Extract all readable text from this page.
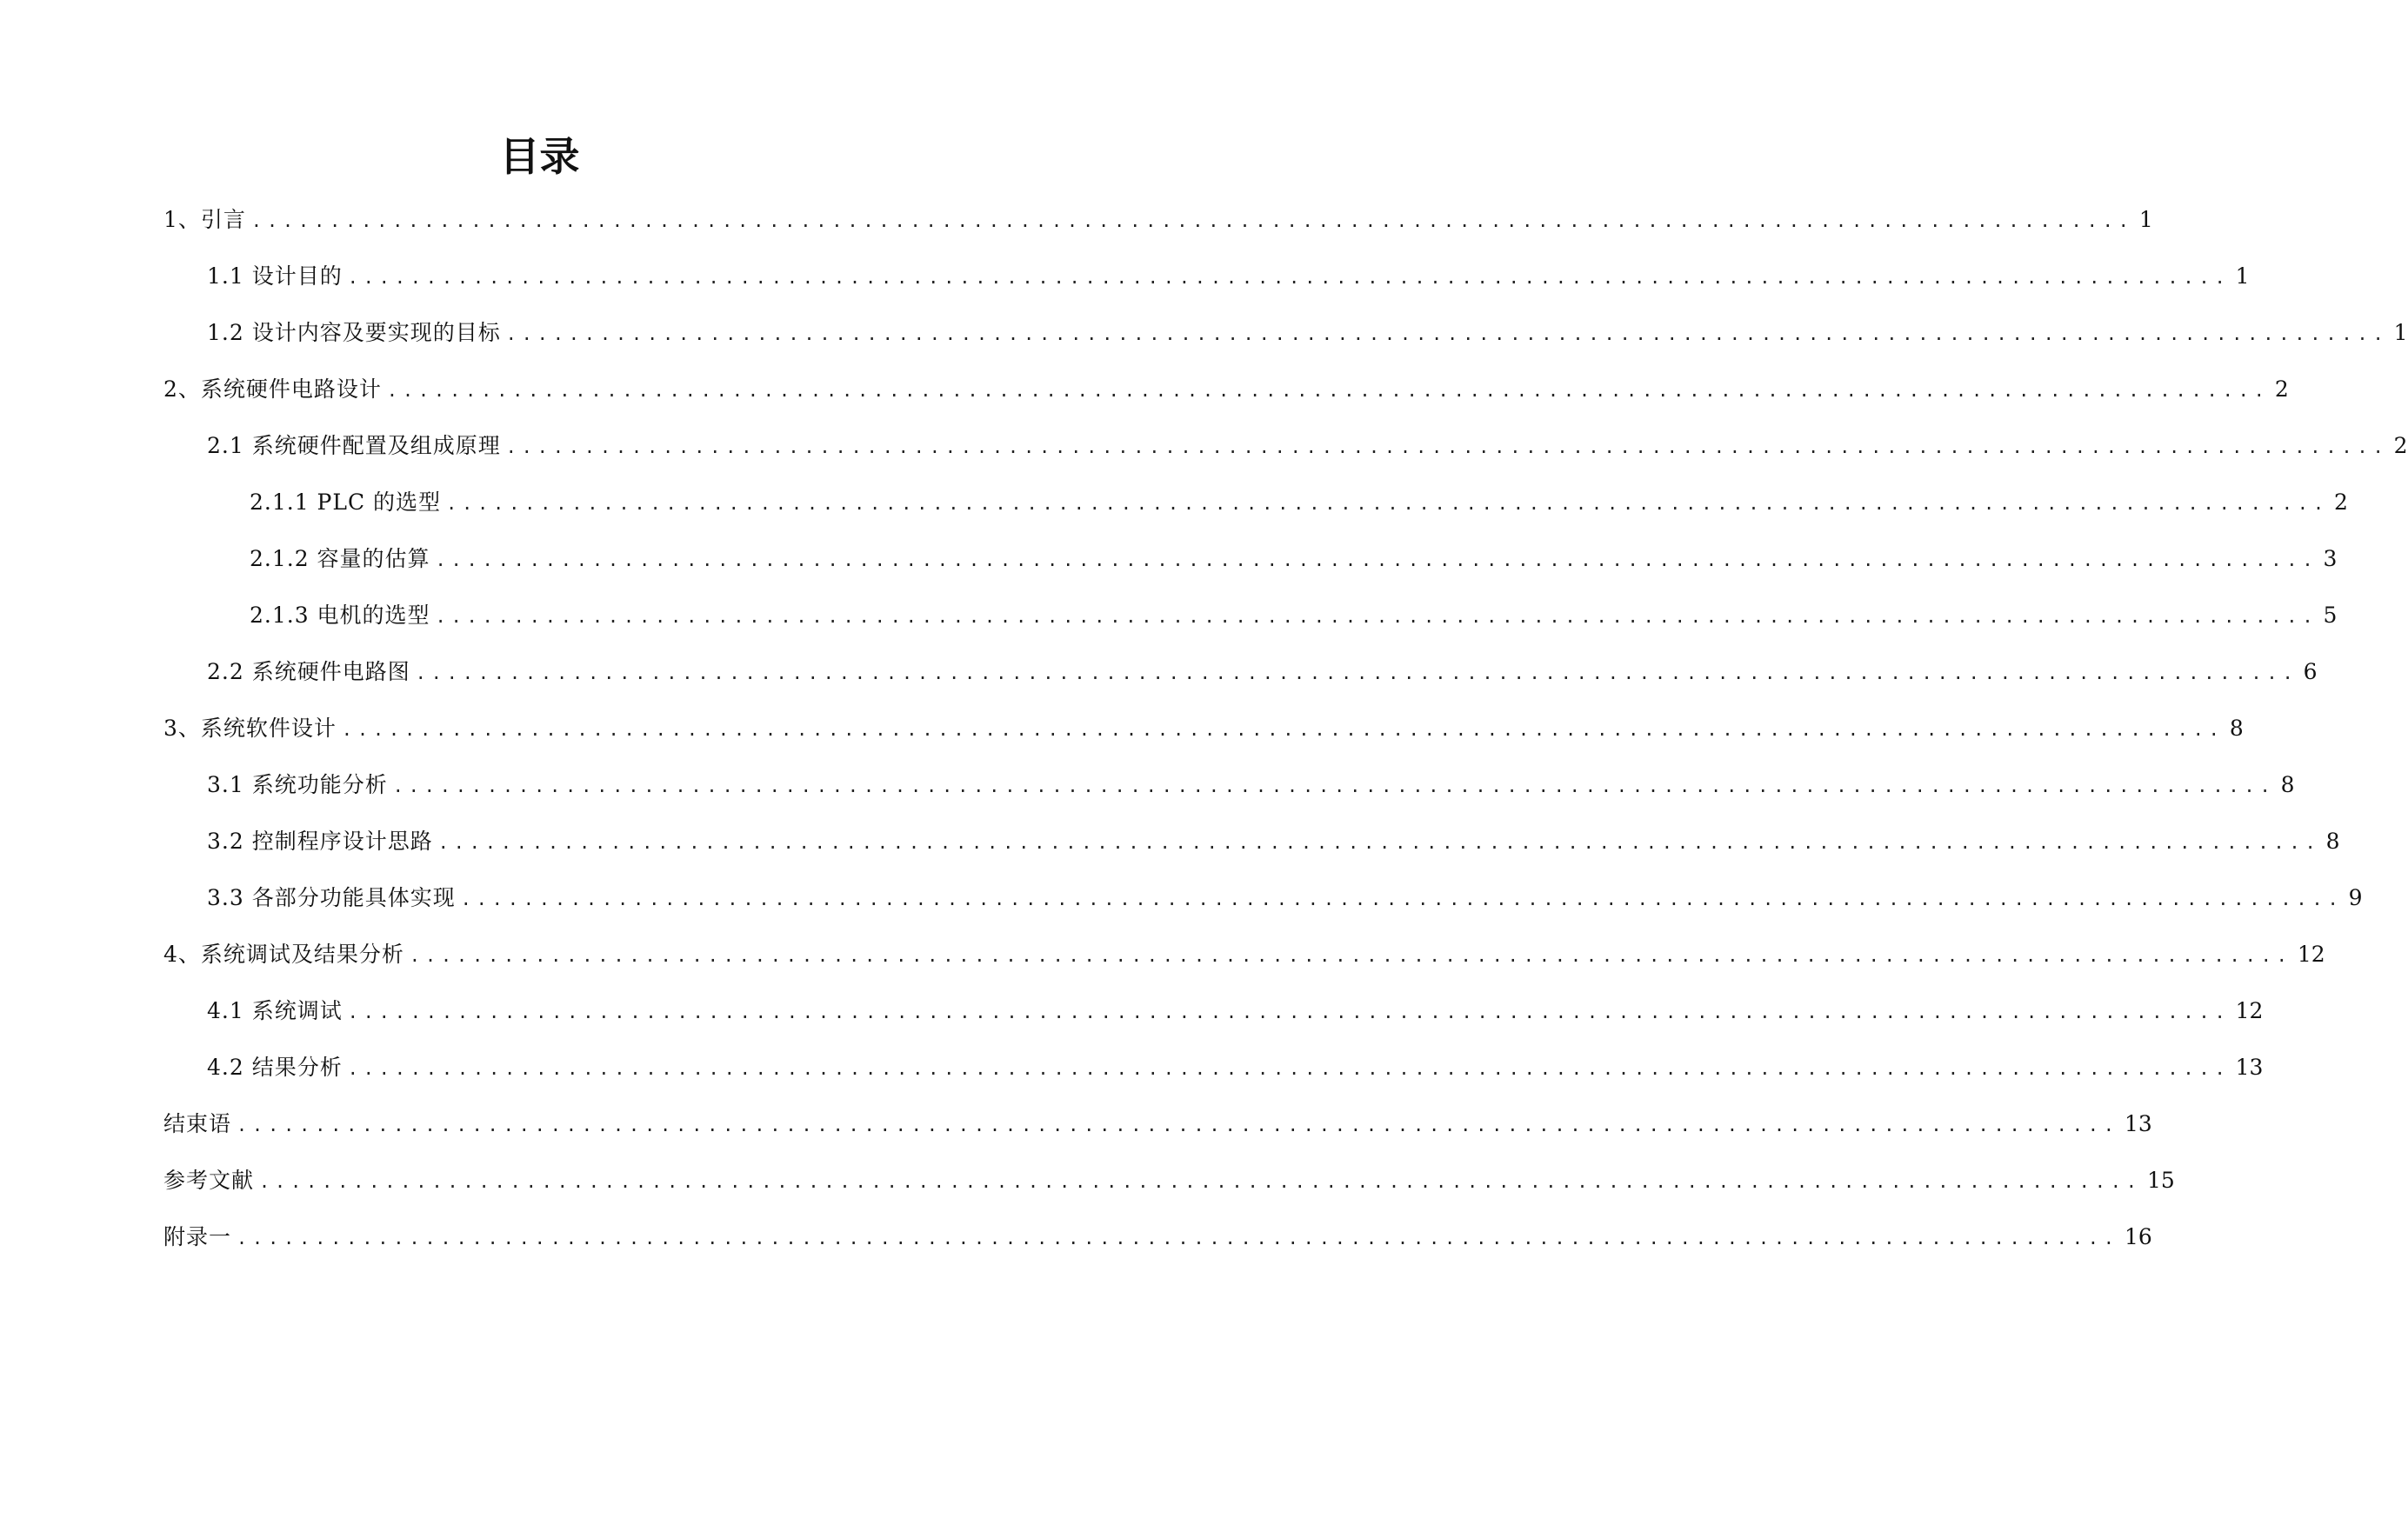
目录
1、引言 ........................................................................................................................ 1
1.1 设计目的 ........................................................................................................................ 1
1.2 设计内容及要实现的目标 ........................................................................................................................ 1
2、系统硬件电路设计 ........................................................................................................................ 2
2.1 系统硬件配置及组成原理 ........................................................................................................................ 2
2.1.1 PLC 的选型 ........................................................................................................................ 2
2.1.2 容量的估算 ........................................................................................................................ 3
2.1.3 电机的选型 ........................................................................................................................ 5
2.2 系统硬件电路图 ........................................................................................................................ 6
3、系统软件设计 ........................................................................................................................ 8
3.1 系统功能分析 ........................................................................................................................ 8
3.2 控制程序设计思路 ........................................................................................................................ 8
3.3 各部分功能具体实现 ........................................................................................................................ 9
4、系统调试及结果分析 ........................................................................................................................ 12
4.1 系统调试 ........................................................................................................................ 12
4.2 结果分析 ........................................................................................................................ 13
结束语 ........................................................................................................................ 13
参考文献 ........................................................................................................................ 15
附录一 ........................................................................................................................ 16
